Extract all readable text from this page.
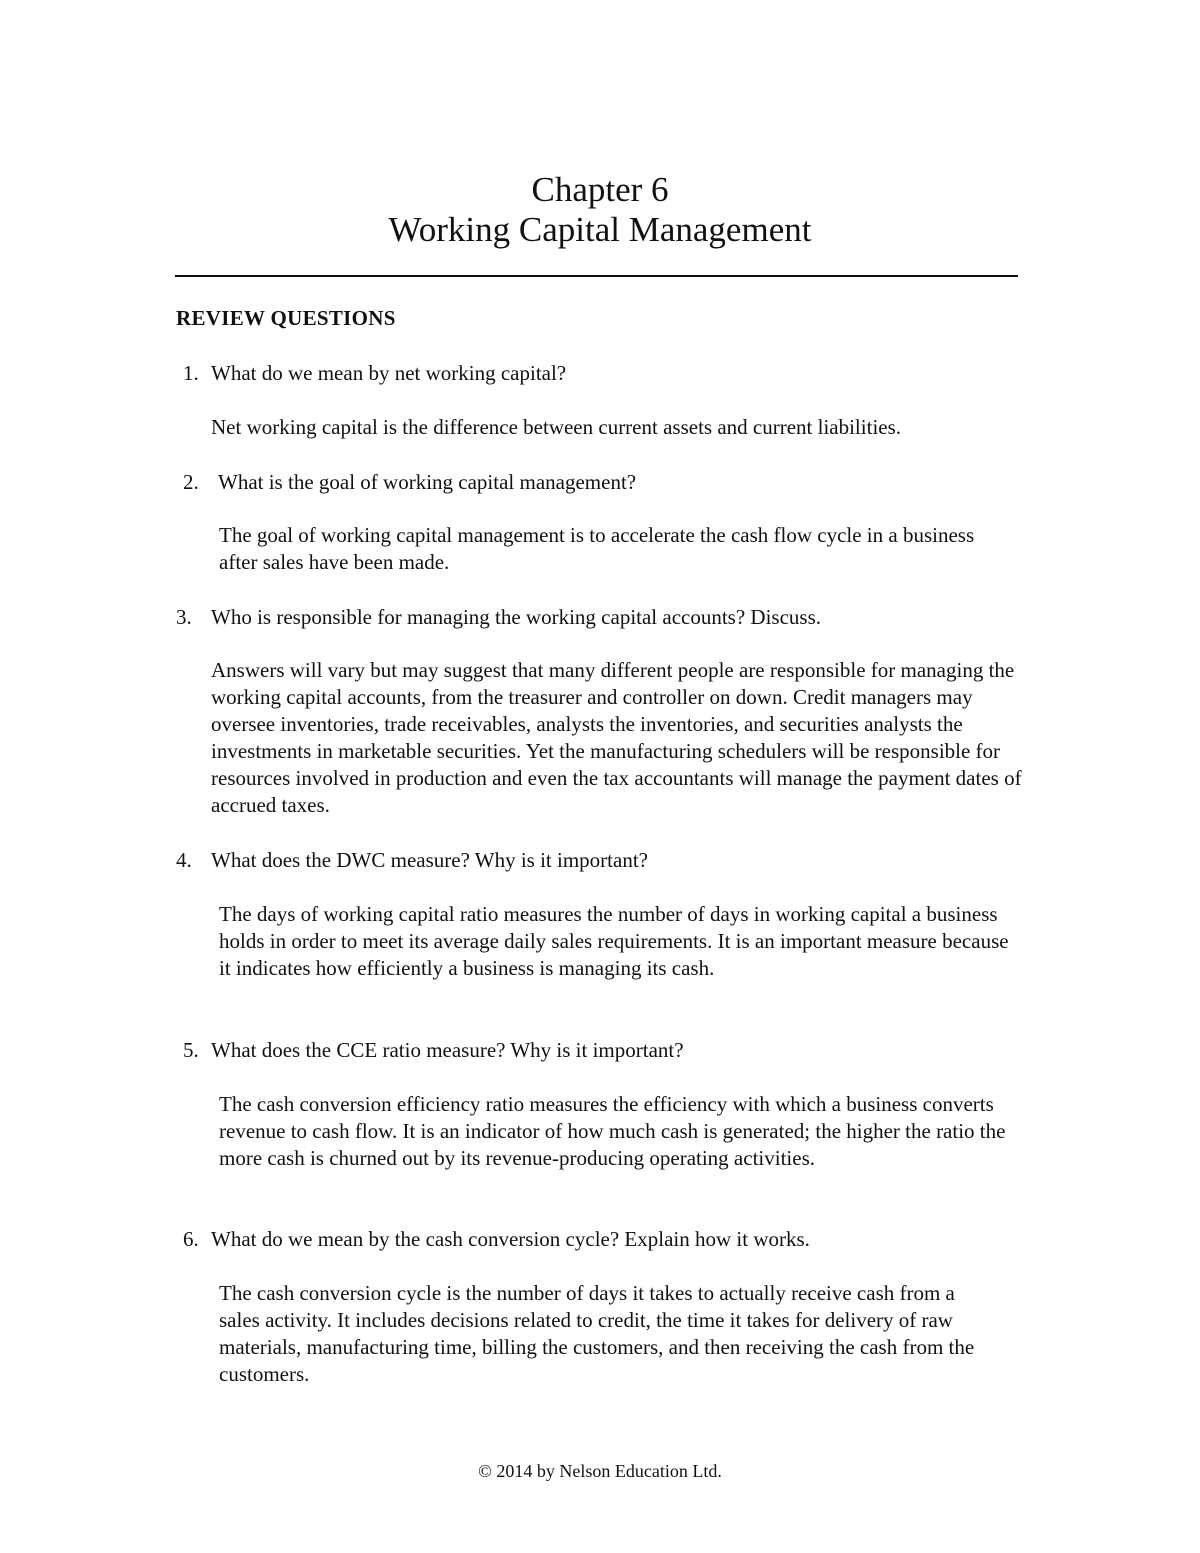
Chapter 6
Working Capital Management
REVIEW QUESTIONS
1. What do we mean by net working capital?
Net working capital is the difference between current assets and current liabilities.
2. What is the goal of working capital management?
The goal of working capital management is to accelerate the cash flow cycle in a business after sales have been made.
3. Who is responsible for managing the working capital accounts? Discuss.
Answers will vary but may suggest that many different people are responsible for managing the working capital accounts, from the treasurer and controller on down. Credit managers may oversee inventories, trade receivables, analysts the inventories, and securities analysts the investments in marketable securities. Yet the manufacturing schedulers will be responsible for resources involved in production and even the tax accountants will manage the payment dates of accrued taxes.
4. What does the DWC measure? Why is it important?
The days of working capital ratio measures the number of days in working capital a business holds in order to meet its average daily sales requirements. It is an important measure because it indicates how efficiently a business is managing its cash.
5. What does the CCE ratio measure? Why is it important?
The cash conversion efficiency ratio measures the efficiency with which a business converts revenue to cash flow. It is an indicator of how much cash is generated; the higher the ratio the more cash is churned out by its revenue-producing operating activities.
6. What do we mean by the cash conversion cycle? Explain how it works.
The cash conversion cycle is the number of days it takes to actually receive cash from a sales activity. It includes decisions related to credit, the time it takes for delivery of raw materials, manufacturing time, billing the customers, and then receiving the cash from the customers.
© 2014 by Nelson Education Ltd.
